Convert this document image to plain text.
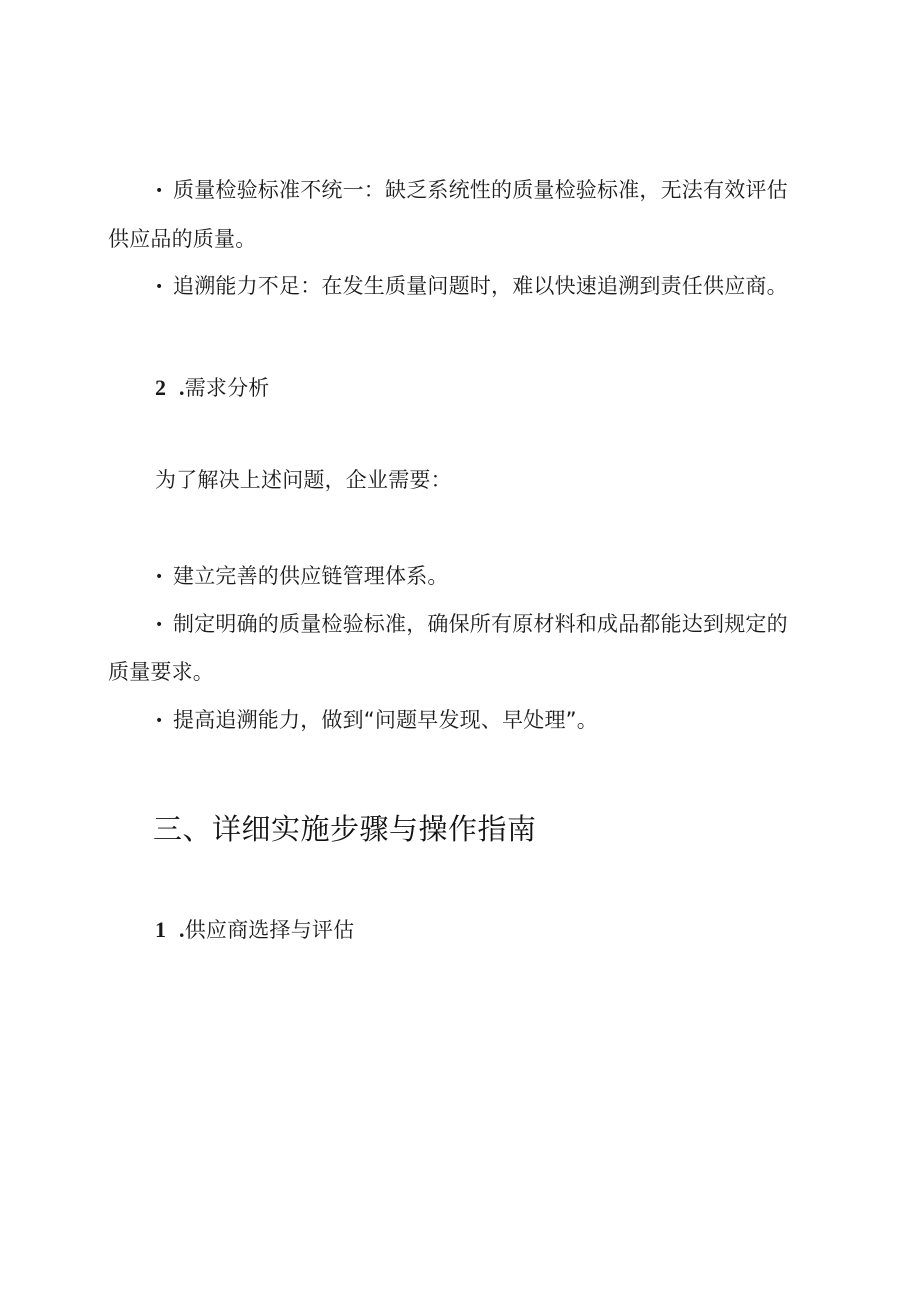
• 质量检验标准不统一：缺乏系统性的质量检验标准，无法有效评估
供应品的质量。
• 追溯能力不足：在发生质量问题时，难以快速追溯到责任供应商。
2 .需求分析
为了解决上述问题，企业需要：
• 建立完善的供应链管理体系。
• 制定明确的质量检验标准，确保所有原材料和成品都能达到规定的
质量要求。
• 提高追溯能力，做到“问题早发现、早处理”。
三、详细实施步骤与操作指南
1 .供应商选择与评估
